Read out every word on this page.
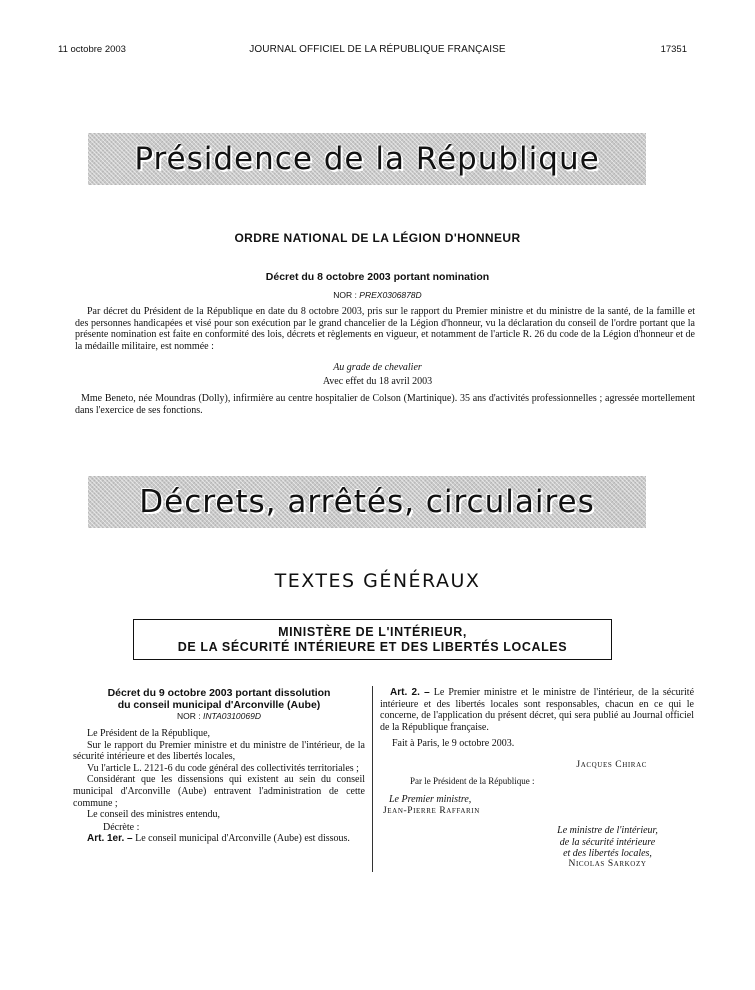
11 octobre 2003	JOURNAL OFFICIEL DE LA RÉPUBLIQUE FRANÇAISE	17351
Présidence de la République
ORDRE NATIONAL DE LA LÉGION D'HONNEUR
Décret du 8 octobre 2003 portant nomination
NOR : PREX0306878D
Par décret du Président de la République en date du 8 octobre 2003, pris sur le rapport du Premier ministre et du ministre de la santé, de la famille et des personnes handicapées et visé pour son exécution par le grand chancelier de la Légion d'honneur, vu la déclaration du conseil de l'ordre portant que la présente nomination est faite en conformité des lois, décrets et règlements en vigueur, et notamment de l'article R. 26 du code de la Légion d'honneur et de la médaille militaire, est nommée :
Au grade de chevalier
Avec effet du 18 avril 2003
Mme Beneto, née Moundras (Dolly), infirmière au centre hospitalier de Colson (Martinique). 35 ans d'activités professionnelles ; agressée mortellement dans l'exercice de ses fonctions.
Décrets, arrêtés, circulaires
TEXTES GÉNÉRAUX
MINISTÈRE DE L'INTÉRIEUR,
DE LA SÉCURITÉ INTÉRIEURE ET DES LIBERTÉS LOCALES
Décret du 9 octobre 2003 portant dissolution
du conseil municipal d'Arconville (Aube)
NOR : INTA0310069D

Le Président de la République,

Sur le rapport du Premier ministre et du ministre de l'intérieur, de la sécurité intérieure et des libertés locales,

Vu l'article L. 2121-6 du code général des collectivités territoriales ;

Considérant que les dissensions qui existent au sein du conseil municipal d'Arconville (Aube) entravent l'administration de cette commune ;

Le conseil des ministres entendu,

Décrète :

Art. 1er. – Le conseil municipal d'Arconville (Aube) est dissous.

Art. 2. – Le Premier ministre et le ministre de l'intérieur, de la sécurité intérieure et des libertés locales sont responsables, chacun en ce qui le concerne, de l'application du présent décret, qui sera publié au Journal officiel de la République française.

Fait à Paris, le 9 octobre 2003.
Jacques Chirac
Par le Président de la République :
Le Premier ministre,
Jean-Pierre Raffarin
Le ministre de l'intérieur,
de la sécurité intérieure
et des libertés locales,
Nicolas Sarkozy
